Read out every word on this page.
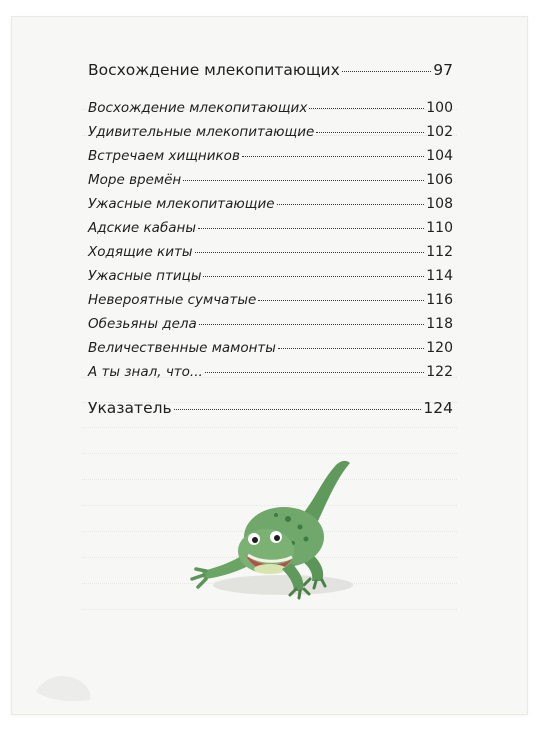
Восхождение млекопитающих	97
Восхождение млекопитающих	100
Удивительные млекопитающие	102
Встречаем хищников	104
Море времён	106
Ужасные млекопитающие	108
Адские кабаны	110
Ходящие киты	112
Ужасные птицы	114
Невероятные сумчатые	116
Обезьяны дела	118
Величественные мамонты	120
А ты знал, что...	122
Указатель	124
